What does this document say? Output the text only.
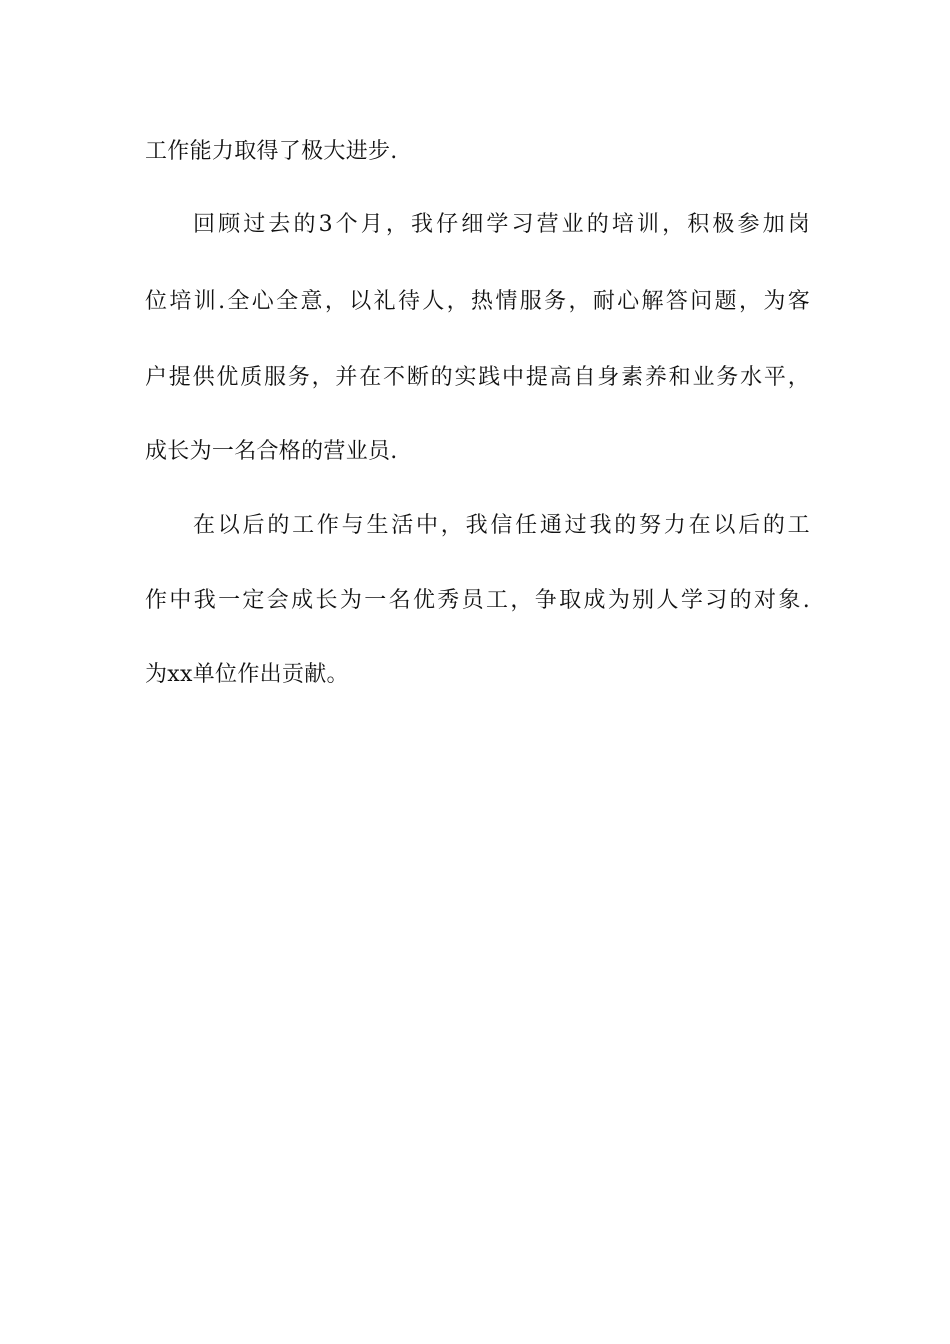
工作能力取得了极大进步.
回顾过去的3个月，我仔细学习营业的培训，积极参加岗
位培训.全心全意，以礼待人，热情服务，耐心解答问题，为客
户提供优质服务，并在不断的实践中提高自身素养和业务水平，
成长为一名合格的营业员.
在以后的工作与生活中，我信任通过我的努力在以后的工
作中我一定会成长为一名优秀员工，争取成为别人学习的对象.
为xx单位作出贡献。
